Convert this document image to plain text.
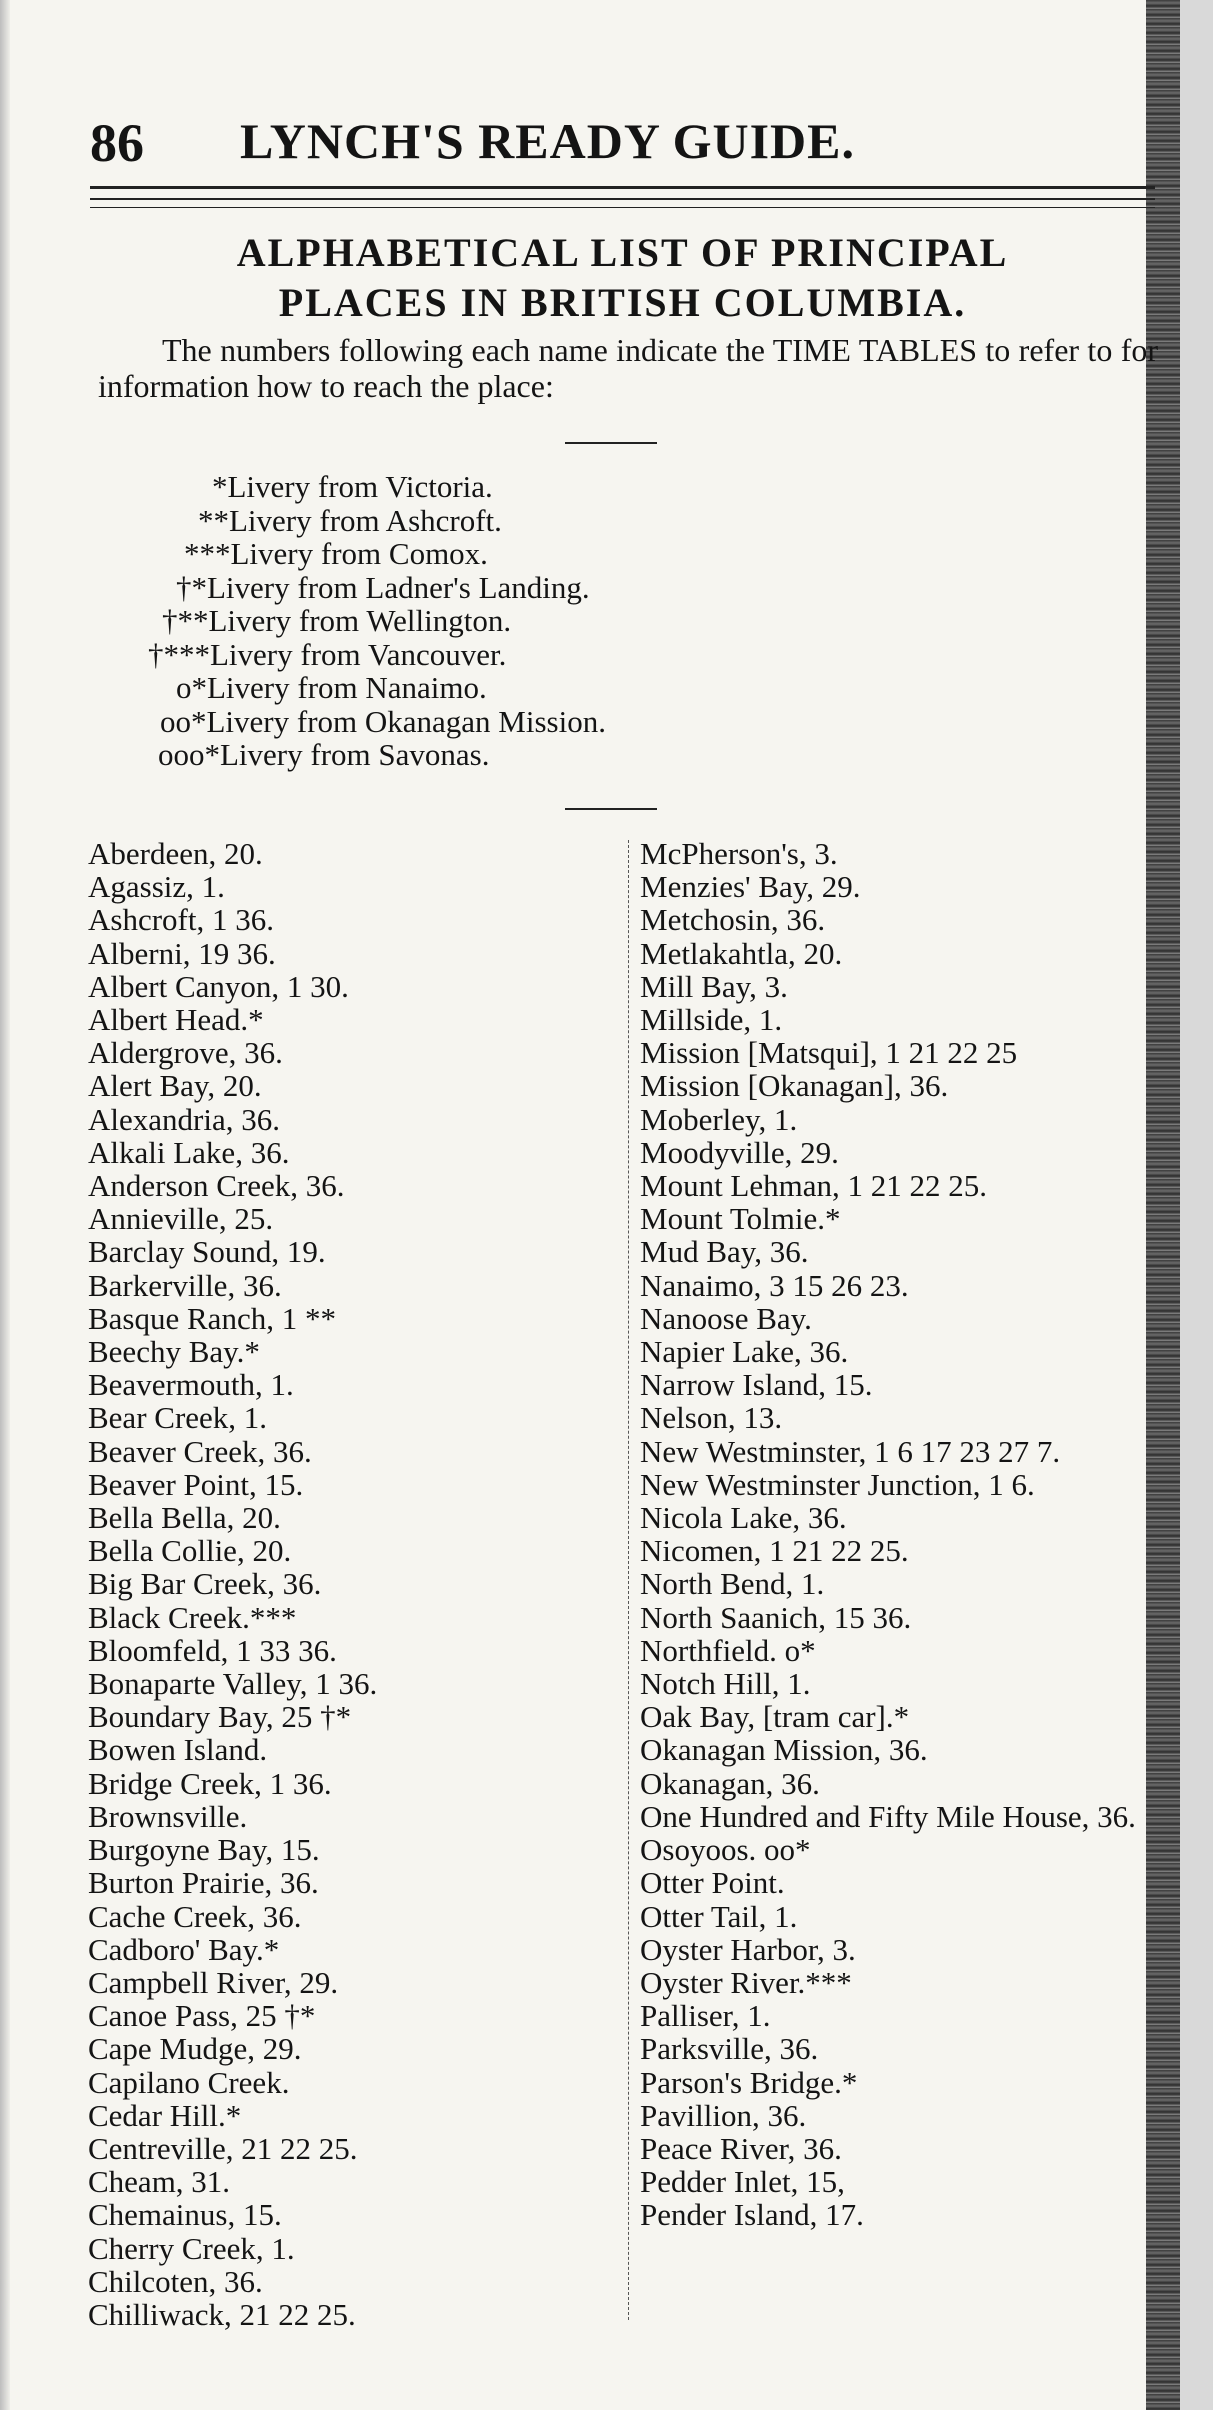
86 LYNCH'S READY GUIDE.
ALPHABETICAL LIST OF PRINCIPAL
PLACES IN BRITISH COLUMBIA.
The numbers following each name indicate the TIME TABLES to refer to for information how to reach the place:
*Livery from Victoria.
**Livery from Ashcroft.
***Livery from Comox.
†*Livery from Ladner's Landing.
†**Livery from Wellington.
†***Livery from Vancouver.
o*Livery from Nanaimo.
oo*Livery from Okanagan Mission.
ooo*Livery from Savonas.
Aberdeen, 20.
Agassiz, 1.
Ashcroft, 1 36.
Alberni, 19 36.
Albert Canyon, 1 30.
Albert Head.*
Aldergrove, 36.
Alert Bay, 20.
Alexandria, 36.
Alkali Lake, 36.
Anderson Creek, 36.
Annieville, 25.
Barclay Sound, 19.
Barkerville, 36.
Basque Ranch, 1 **
Beechy Bay.*
Beavermouth, 1.
Bear Creek, 1.
Beaver Creek, 36.
Beaver Point, 15.
Bella Bella, 20.
Bella Collie, 20.
Big Bar Creek, 36.
Black Creek.***
Bloomfeld, 1 33 36.
Bonaparte Valley, 1 36.
Boundary Bay, 25 †*
Bowen Island.
Bridge Creek, 1 36.
Brownsville.
Burgoyne Bay, 15.
Burton Prairie, 36.
Cache Creek, 36.
Cadboro' Bay.*
Campbell River, 29.
Canoe Pass, 25 †*
Cape Mudge, 29.
Capilano Creek.
Cedar Hill.*
Centreville, 21 22 25.
Cheam, 31.
Chemainus, 15.
Cherry Creek, 1.
Chilcoten, 36.
Chilliwack, 21 22 25.
McPherson's, 3.
Menzies' Bay, 29.
Metchosin, 36.
Metlakahtla, 20.
Mill Bay, 3.
Millside, 1.
Mission [Matsqui], 1 21 22 25
Mission [Okanagan], 36.
Moberley, 1.
Moodyville, 29.
Mount Lehman, 1 21 22 25.
Mount Tolmie.*
Mud Bay, 36.
Nanaimo, 3 15 26 23.
Nanoose Bay.
Napier Lake, 36.
Narrow Island, 15.
Nelson, 13.
New Westminster, 1 6 17 23 27 7.
New Westminster Junction, 1 6.
Nicola Lake, 36.
Nicomen, 1 21 22 25.
North Bend, 1.
North Saanich, 15 36.
Northfield. o*
Notch Hill, 1.
Oak Bay, [tram car].*
Okanagan Mission, 36.
Okanagan, 36.
One Hundred and Fifty Mile House, 36.
Osoyoos. oo*
Otter Point.
Otter Tail, 1.
Oyster Harbor, 3.
Oyster River.***
Palliser, 1.
Parksville, 36.
Parson's Bridge.*
Pavillion, 36.
Peace River, 36.
Pedder Inlet, 15,
Pender Island, 17.
